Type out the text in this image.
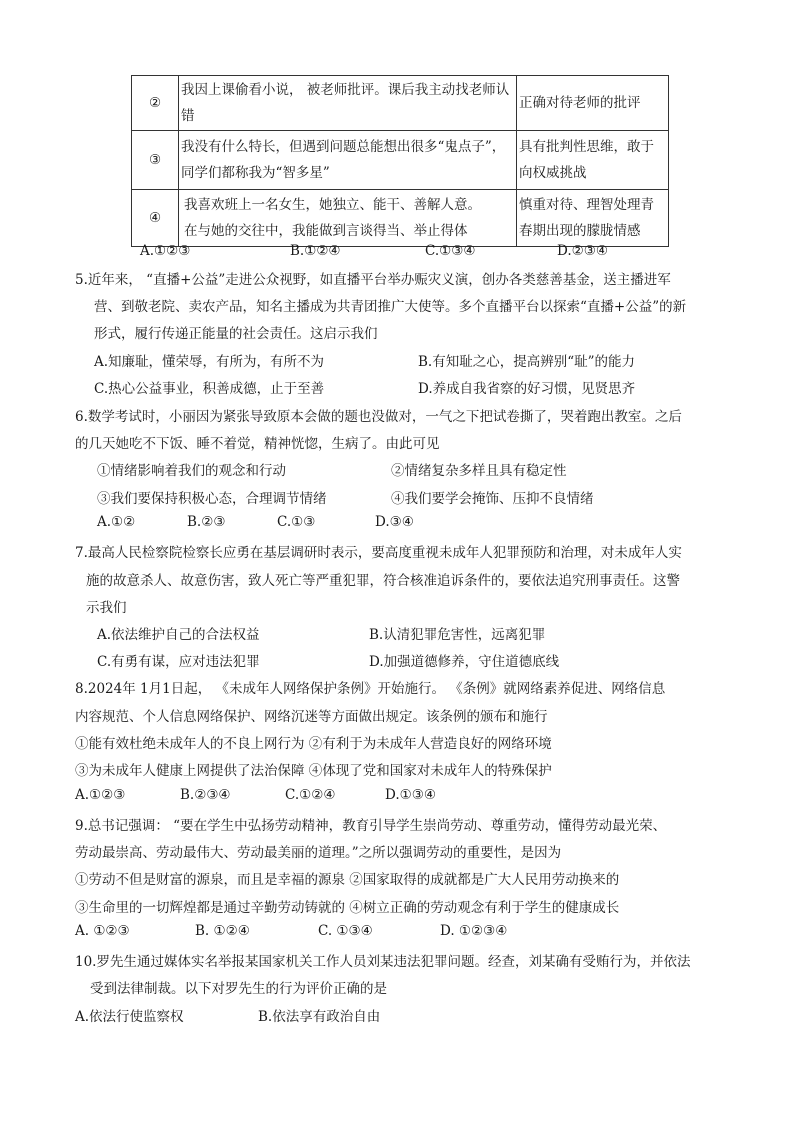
②	我因上课偷看小说， 被老师批评。课后我主动找老师认错	正确对待老师的批评
③	我没有什么特长，但遇到问题总能想出很多“鬼点子”，同学们都称我为“智多星”	具有批判性思维，敢于向权威挑战
④	我喜欢班上一名女生，她独立、能干、善解人意。
在与她的交往中，我能做到言谈得当、举止得体	慎重对待、理智处理青春期出现的朦胧情感
A.①②③	B.①②④	C.①③④	D.②③④
5.近年来， “直播+公益”走进公众视野，如直播平台举办赈灾义演，创办各类慈善基金，送主播进军
营、到敬老院、卖农产品，知名主播成为共青团推广大使等。多个直播平台以探索“直播+公益”的新
形式，履行传递正能量的社会责任。这启示我们
A.知廉耻，懂荣辱，有所为，有所不为	B.有知耻之心，提高辨别“耻”的能力
C.热心公益事业，积善成德，止于至善	D.养成自我省察的好习惯，见贤思齐
6.数学考试时，小丽因为紧张导致原本会做的题也没做对，一气之下把试卷撕了，哭着跑出教室。之后
的几天她吃不下饭、睡不着觉，精神恍惚，生病了。由此可见
①情绪影响着我们的观念和行动	②情绪复杂多样且具有稳定性
③我们要保持积极心态，合理调节情绪	④我们要学会掩饰、压抑不良情绪
A.①②	B.②③	C.①③	D.③④
7.最高人民检察院检察长应勇在基层调研时表示，要高度重视未成年人犯罪预防和治理，对未成年人实
施的故意杀人、故意伤害，致人死亡等严重犯罪，符合核准追诉条件的，要依法追究刑事责任。这警
示我们
A.依法维护自己的合法权益	B.认清犯罪危害性，远离犯罪
C.有勇有谋，应对违法犯罪	D.加强道德修养，守住道德底线
8.2024年 1月1日起， 《未成年人网络保护条例》开始施行。 《条例》就网络素养促进、网络信息
内容规范、个人信息网络保护、网络沉迷等方面做出规定。该条例的颁布和施行
①能有效杜绝未成年人的不良上网行为 ②有利于为未成年人营造良好的网络环境
③为未成年人健康上网提供了法治保障 ④体现了党和国家对未成年人的特殊保护
A.①②③	B.②③④	C.①②④	D.①③④
9.总书记强调： “要在学生中弘扬劳动精神，教育引导学生崇尚劳动、尊重劳动，懂得劳动最光荣、
劳动最崇高、劳动最伟大、劳动最美丽的道理。”之所以强调劳动的重要性，是因为
①劳动不但是财富的源泉，而且是幸福的源泉 ②国家取得的成就都是广大人民用劳动换来的
③生命里的一切辉煌都是通过辛勤劳动铸就的 ④树立正确的劳动观念有利于学生的健康成长
A. ①②③	B. ①②④	C. ①③④	D. ①②③④
10.罗先生通过媒体实名举报某国家机关工作人员刘某违法犯罪问题。经查，刘某确有受贿行为，并依法
受到法律制裁。以下对罗先生的行为评价正确的是
A.依法行使监察权	B.依法享有政治自由
